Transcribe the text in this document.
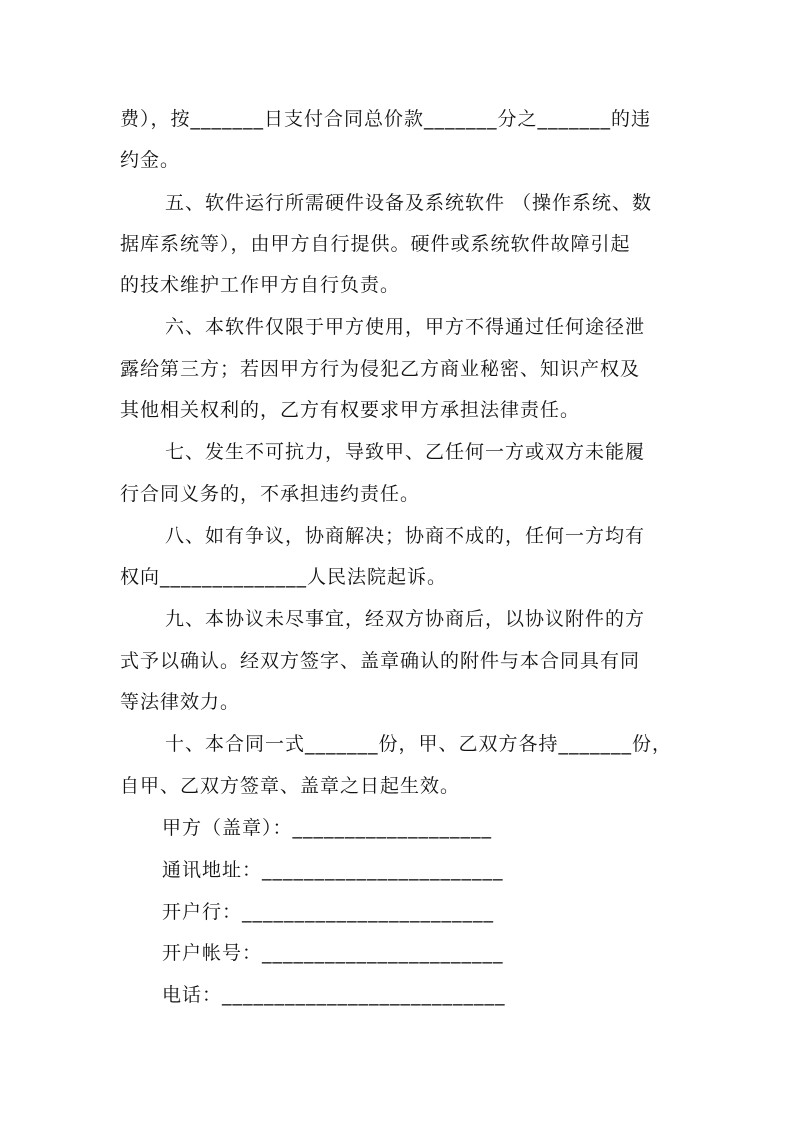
费），按_______日支付合同总价款_______分之_______的违
约金。
五、软件运行所需硬件设备及系统软件 （操作系统、数
据库系统等），由甲方自行提供。硬件或系统软件故障引起
的技术维护工作甲方自行负责。
六、本软件仅限于甲方使用，甲方不得通过任何途径泄
露给第三方；若因甲方行为侵犯乙方商业秘密、知识产权及
其他相关权利的，乙方有权要求甲方承担法律责任。
七、发生不可抗力，导致甲、乙任何一方或双方未能履
行合同义务的，不承担违约责任。
八、如有争议，协商解决；协商不成的，任何一方均有
权向______________人民法院起诉。
九、本协议未尽事宜，经双方协商后，以协议附件的方
式予以确认。经双方签字、盖章确认的附件与本合同具有同
等法律效力。
十、本合同一式_______份，甲、乙双方各持_______份，
自甲、乙双方签章、盖章之日起生效。
甲方（盖章）：___________________
通讯地址：_______________________
开户行：________________________
开户帐号：_______________________
电话：___________________________
